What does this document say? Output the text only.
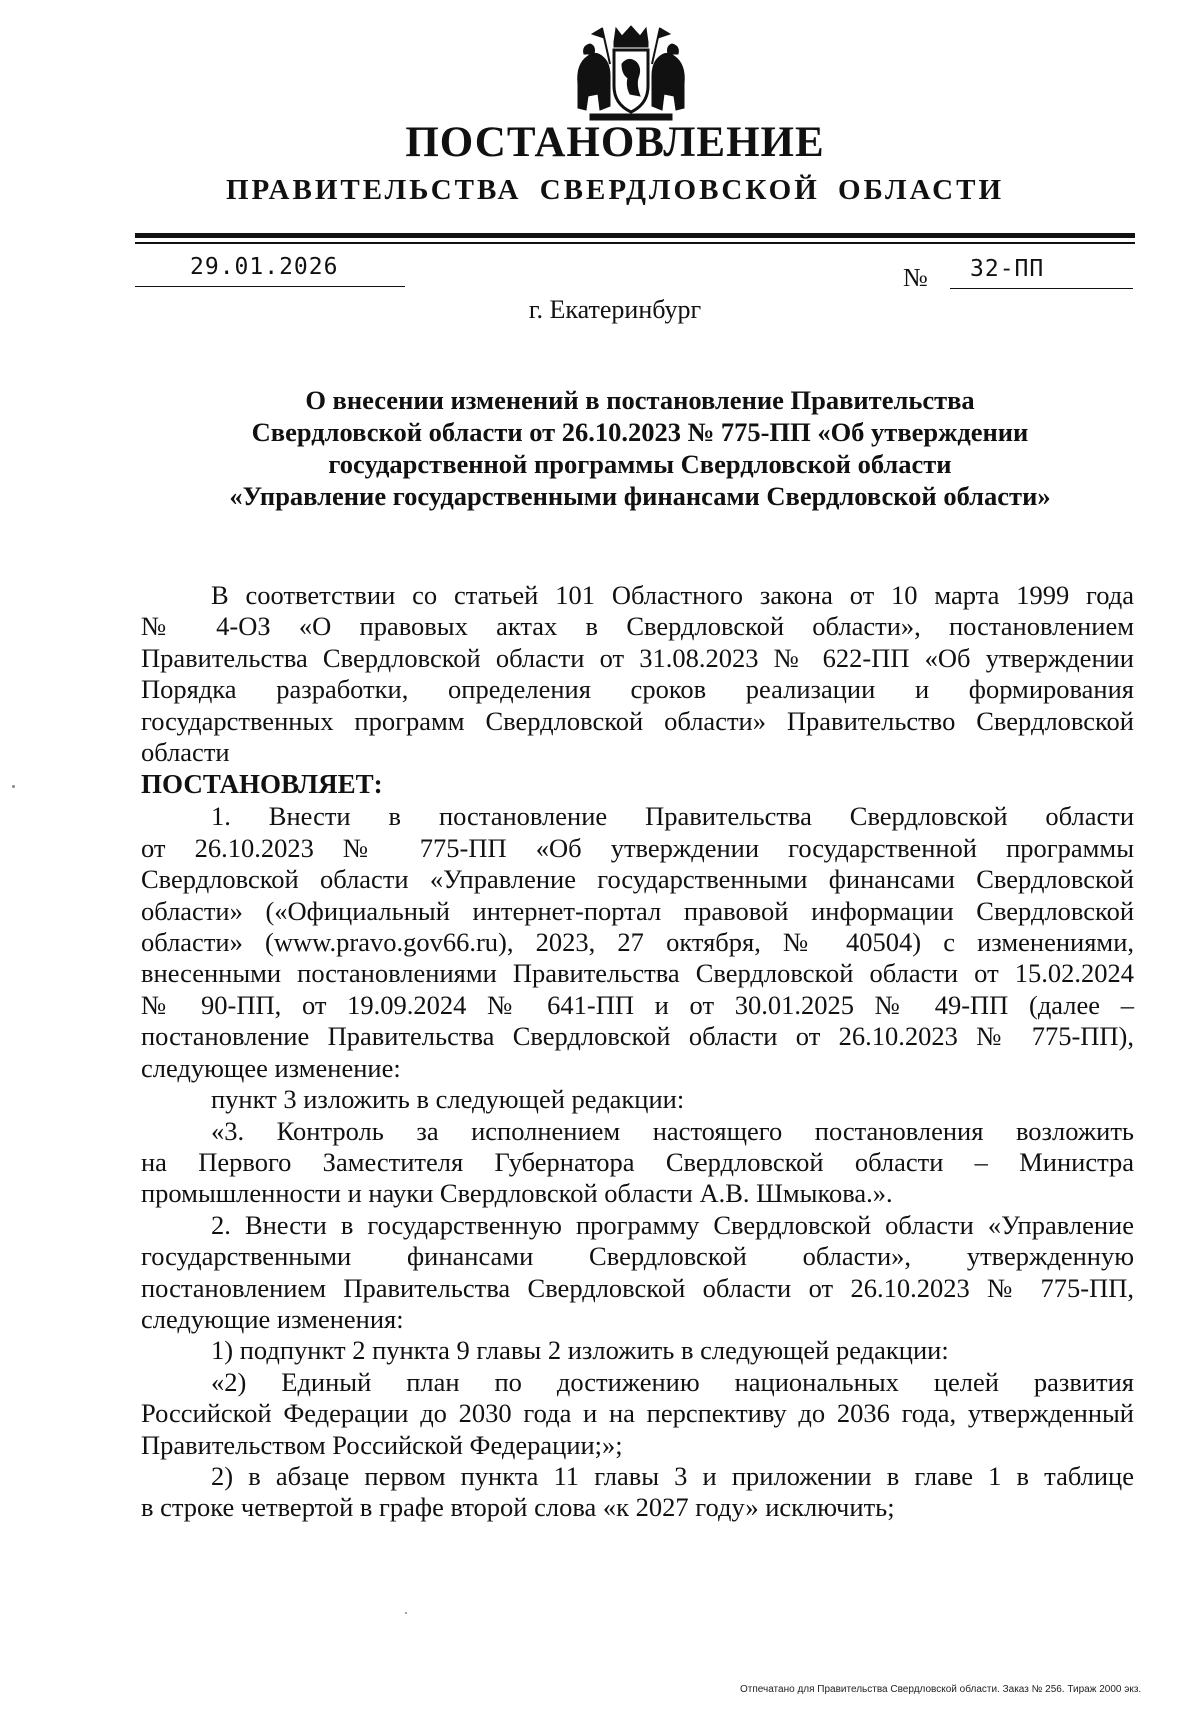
ПОСТАНОВЛЕНИЕ
ПРАВИТЕЛЬСТВА СВЕРДЛОВСКОЙ ОБЛАСТИ
29.01.2026	№ 32-ПП
г. Екатеринбург
О внесении изменений в постановление Правительства
Свердловской области от 26.10.2023 № 775-ПП «Об утверждении
государственной программы Свердловской области
«Управление государственными финансами Свердловской области»

В соответствии со статьей 101 Областного закона от 10 марта 1999 года
№ 4-ОЗ «О правовых актах в Свердловской области», постановлением
Правительства Свердловской области от 31.08.2023 № 622-ПП «Об утверждении
Порядка разработки, определения сроков реализации и формирования
государственных программ Свердловской области» Правительство Свердловской
области

ПОСТАНОВЛЯЕТ:

1. Внести в постановление Правительства Свердловской области
от 26.10.2023 № 775-ПП «Об утверждении государственной программы
Свердловской области «Управление государственными финансами Свердловской
области» («Официальный интернет-портал правовой информации Свердловской
области» (www.pravo.gov66.ru), 2023, 27 октября, № 40504) с изменениями,
внесенными постановлениями Правительства Свердловской области от 15.02.2024
№ 90-ПП, от 19.09.2024 № 641-ПП и от 30.01.2025 № 49-ПП (далее –
постановление Правительства Свердловской области от 26.10.2023 № 775-ПП),
следующее изменение:

пункт 3 изложить в следующей редакции:

«3. Контроль за исполнением настоящего постановления возложить
на Первого Заместителя Губернатора Свердловской области – Министра
промышленности и науки Свердловской области А.В. Шмыкова.».

2. Внести в государственную программу Свердловской области «Управление
государственными финансами Свердловской области», утвержденную
постановлением Правительства Свердловской области от 26.10.2023 № 775-ПП,
следующие изменения:

1) подпункт 2 пункта 9 главы 2 изложить в следующей редакции:

«2) Единый план по достижению национальных целей развития
Российской Федерации до 2030 года и на перспективу до 2036 года, утвержденный
Правительством Российской Федерации;»;

2) в абзаце первом пункта 11 главы 3 и приложении в главе 1 в таблице
в строке четвертой в графе второй слова «к 2027 году» исключить;

Отпечатано для Правительства Свердловской области. Заказ № 256. Тираж 2000 экз.
